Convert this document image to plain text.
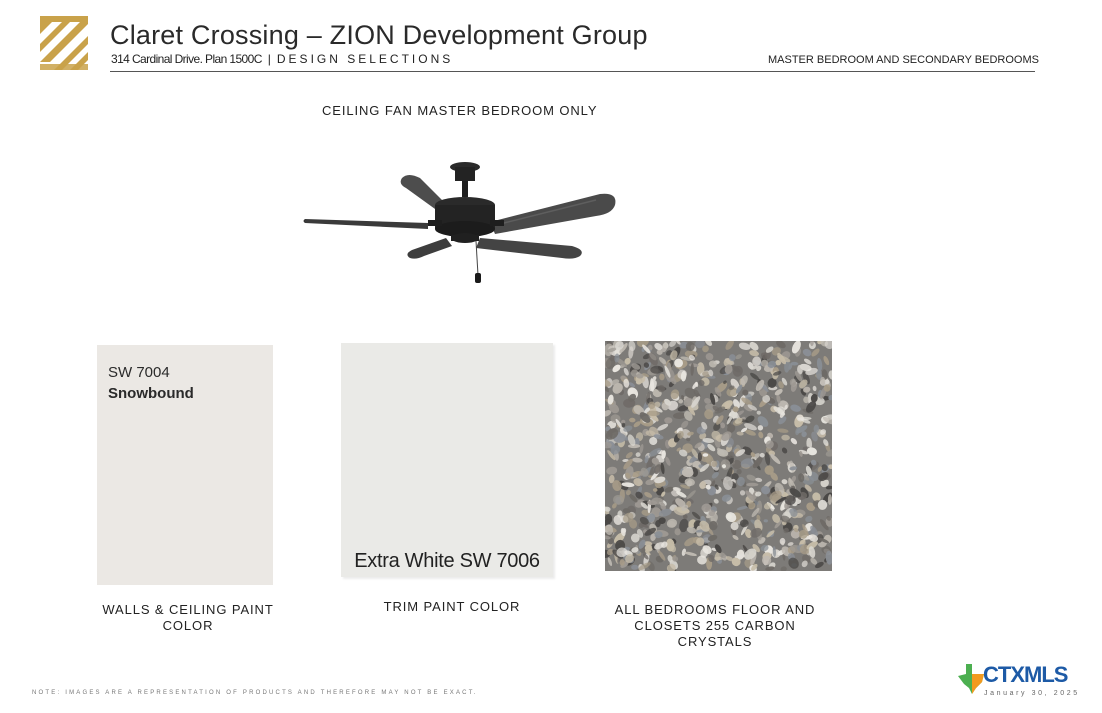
Claret Crossing – ZION Development Group
314 Cardinal Drive. Plan 1500C | DESIGN SELECTIONS	MASTER BEDROOM AND SECONDARY BEDROOMS
CEILING FAN MASTER BEDROOM ONLY
SW 7004
Snowbound
Extra White SW 7006
WALLS & CEILING PAINT COLOR
TRIM PAINT COLOR	ALL BEDROOMS FLOOR AND CLOSETS 255 CARBON CRYSTALS
NOTE: IMAGES ARE A REPRESENTATION OF PRODUCTS AND THEREFORE MAY NOT BE EXACT.
CTXMLS
January 30, 2025
